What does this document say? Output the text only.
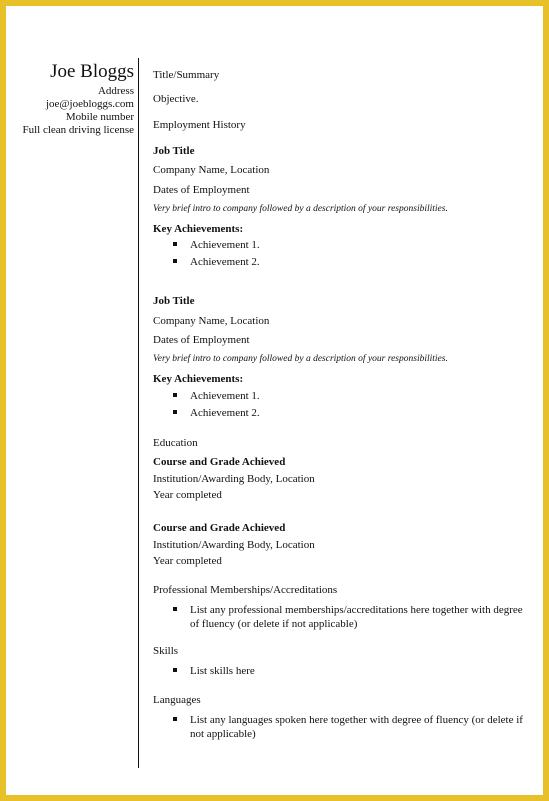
Joe Bloggs
Address
joe@joebloggs.com
Mobile number
Full clean driving license
Title/Summary
Objective.
Employment History
Job Title
Company Name, Location
Dates of Employment
Very brief intro to company followed by a description of your responsibilities.
Key Achievements:
Achievement 1.
Achievement 2.
Job Title
Company Name, Location
Dates of Employment
Very brief intro to company followed by a description of your responsibilities.
Key Achievements:
Achievement 1.
Achievement 2.
Education
Course and Grade Achieved
Institution/Awarding Body, Location
Year completed
Course and Grade Achieved
Institution/Awarding Body, Location
Year completed
Professional Memberships/Accreditations
List any professional memberships/accreditations here together with degree of fluency (or delete if not applicable)
Skills
List skills here
Languages
List any languages spoken here together with degree of fluency (or delete if not applicable)
